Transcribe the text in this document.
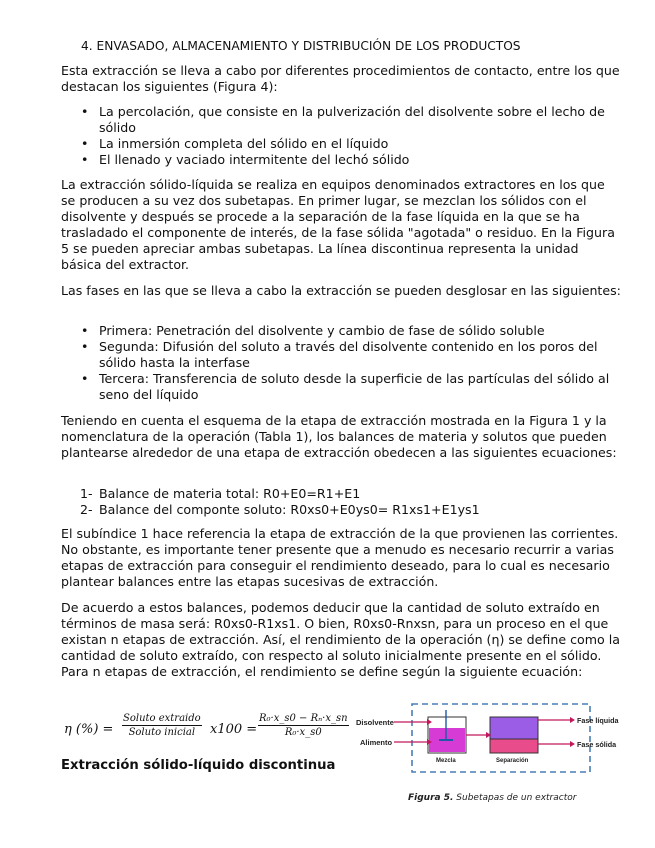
4. ENVASADO, ALMACENAMIENTO Y DISTRIBUCIÓN DE LOS PRODUCTOS

Esta extracción se lleva a cabo por diferentes procedimientos de contacto, entre los que destacan los siguientes (Figura 4):

• La percolación, que consiste en la pulverización del disolvente sobre el lecho de sólido
• La inmersión completa del sólido en el líquido
• El llenado y vaciado intermitente del lechó sólido

La extracción sólido-líquida se realiza en equipos denominados extractores en los que se producen a su vez dos subetapas. En primer lugar, se mezclan los sólidos con el disolvente y después se procede a la separación de la fase líquida en la que se ha trasladado el componente de interés, de la fase sólida "agotada" o residuo. En la Figura 5 se pueden apreciar ambas subetapas. La línea discontinua representa la unidad básica del extractor.

Las fases en las que se lleva a cabo la extracción se pueden desglosar en las siguientes:

• Primera: Penetración del disolvente y cambio de fase de sólido soluble
• Segunda: Difusión del soluto a través del disolvente contenido en los poros del sólido hasta la interfase
• Tercera: Transferencia de soluto desde la superficie de las partículas del sólido al seno del líquido

Teniendo en cuenta el esquema de la etapa de extracción mostrada en la Figura 1 y la nomenclatura de la operación (Tabla 1), los balances de materia y solutos que pueden plantearse alrededor de una etapa de extracción obedecen a las siguientes ecuaciones:

1- Balance de materia total: R0+E0=R1+E1
2- Balance del componte soluto: R0xs0+E0ys0= R1xs1+E1ys1

El subíndice 1 hace referencia la etapa de extracción de la que provienen las corrientes. No obstante, es importante tener presente que a menudo es necesario recurrir a varias etapas de extracción para conseguir el rendimiento deseado, para lo cual es necesario plantear balances entre las etapas sucesivas de extracción.

De acuerdo a estos balances, podemos deducir que la cantidad de soluto extraído en términos de masa será: R0xs0-R1xs1. O bien, R0xs0-Rnxsn, para un proceso en el que existan n etapas de extracción. Así, el rendimiento de la operación (η) se define como la cantidad de soluto extraído, con respecto al soluto inicialmente presente en el sólido. Para n etapas de extracción, el rendimiento se define según la siguiente ecuación:

η (%) =
Soluto extraido
Soluto inicial	$x100 = \frac{\text{R₀·x\_s0 − Rₙ·x\_sn}}{\text{R₀·x\_s0}}$
Extracción sólido-líquido discontinua
Disolvente
Alimento
Mezcla	Separación
Fase líquida
Fase sólida
Figura 5. Subetapas de un extractor
